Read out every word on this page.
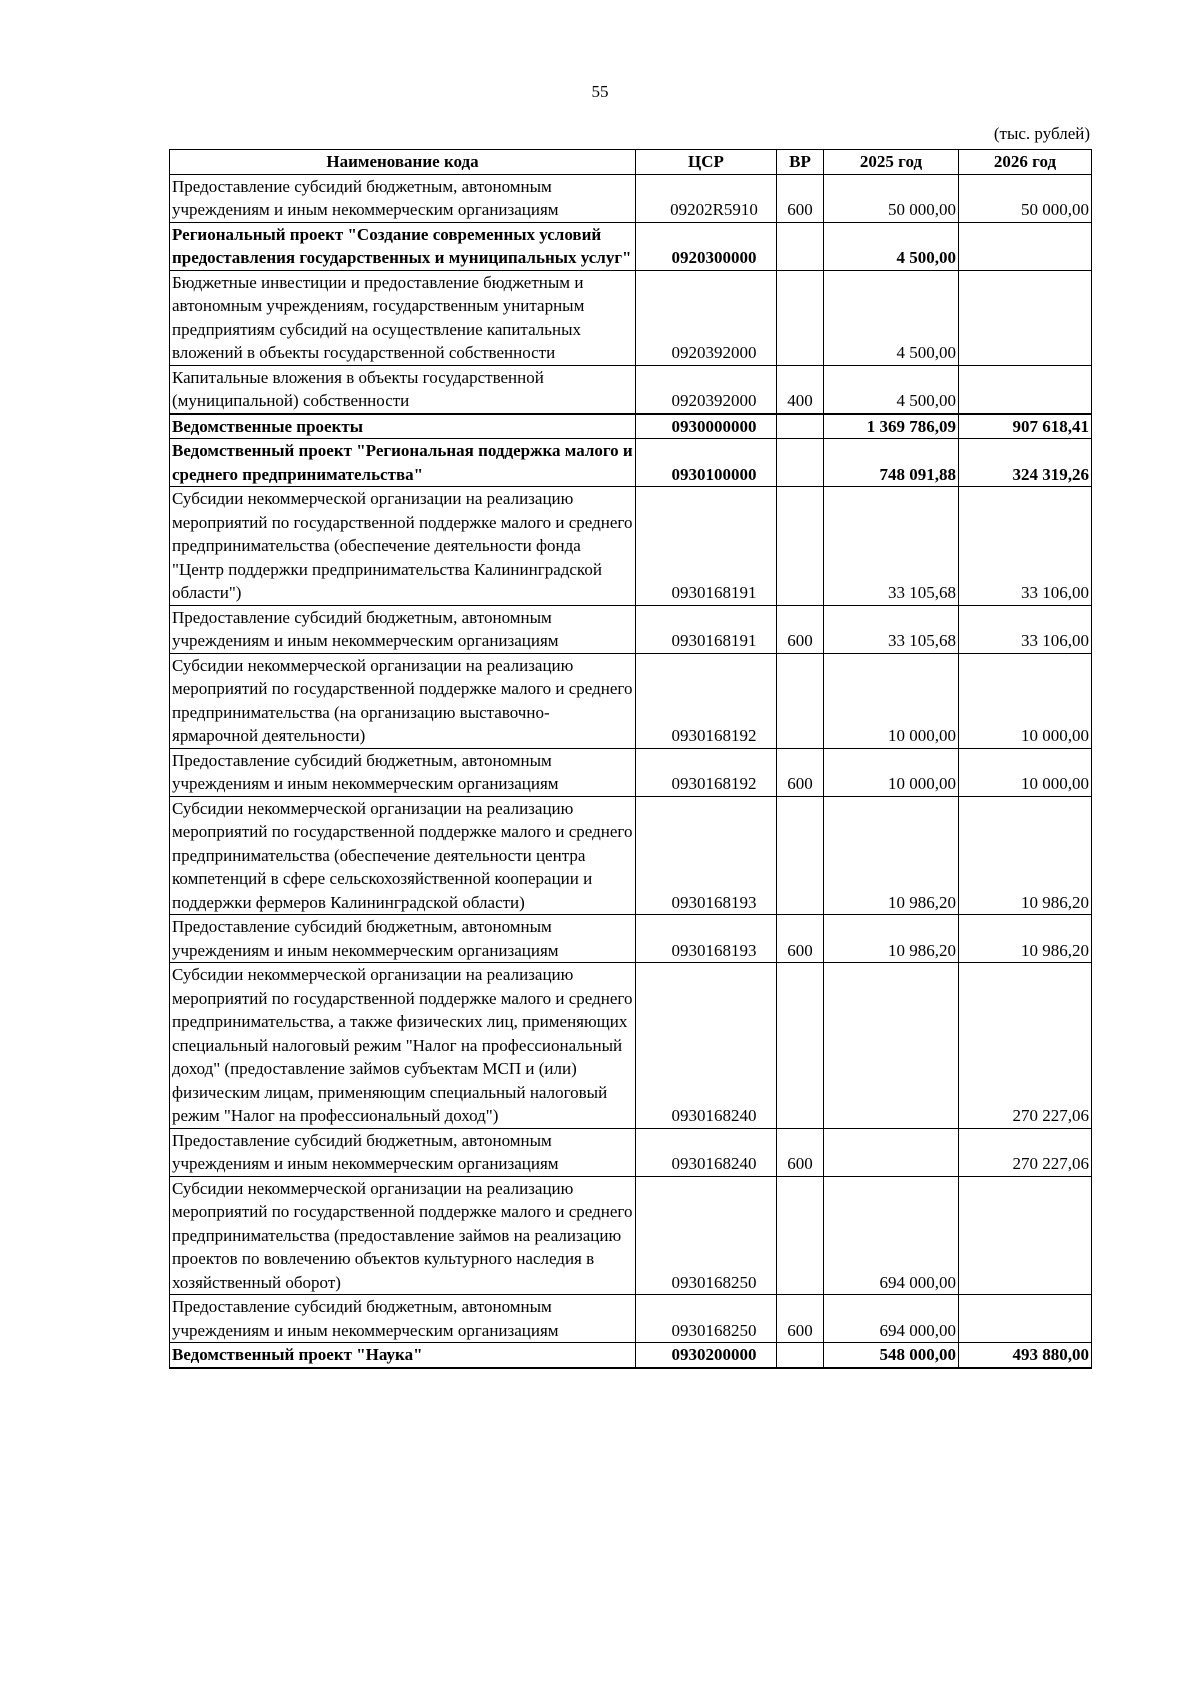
55
(тыс. рублей)
Наименование кода	ЦСР	ВР	2025 год	2026 год
Предоставление субсидий бюджетным, автономным учреждениям и иным некоммерческим организациям	09202R5910	600	50 000,00	50 000,00
Региональный проект "Создание современных условий предоставления государственных и муниципальных услуг"	0920300000		4 500,00	
Бюджетные инвестиции и предоставление бюджетным и автономным учреждениям, государственным унитарным предприятиям субсидий на осуществление капитальных вложений в объекты государственной собственности	0920392000		4 500,00	
Капитальные вложения в объекты государственной (муниципальной) собственности	0920392000	400	4 500,00	
Ведомственные проекты	0930000000		1 369 786,09	907 618,41
Ведомственный проект "Региональная поддержка малого и среднего предпринимательства"	0930100000		748 091,88	324 319,26
Субсидии некоммерческой организации на реализацию мероприятий по государственной поддержке малого и среднего предпринимательства (обеспечение деятельности фонда "Центр поддержки предпринимательства Калининградской области")	0930168191		33 105,68	33 106,00
Предоставление субсидий бюджетным, автономным учреждениям и иным некоммерческим организациям	0930168191	600	33 105,68	33 106,00
Субсидии некоммерческой организации на реализацию мероприятий по государственной поддержке малого и среднего предпринимательства (на организацию выставочно-ярмарочной деятельности)	0930168192		10 000,00	10 000,00
Предоставление субсидий бюджетным, автономным учреждениям и иным некоммерческим организациям	0930168192	600	10 000,00	10 000,00
Субсидии некоммерческой организации на реализацию мероприятий по государственной поддержке малого и среднего предпринимательства (обеспечение деятельности центра компетенций в сфере сельскохозяйственной кооперации и поддержки фермеров Калининградской области)	0930168193		10 986,20	10 986,20
Предоставление субсидий бюджетным, автономным учреждениям и иным некоммерческим организациям	0930168193	600	10 986,20	10 986,20
Субсидии некоммерческой организации на реализацию мероприятий по государственной поддержке малого и среднего предпринимательства, а также физических лиц, применяющих специальный налоговый режим "Налог на профессиональный доход" (предоставление займов субъектам МСП и (или) физическим лицам, применяющим специальный налоговый режим "Налог на профессиональный доход")	0930168240			270 227,06
Предоставление субсидий бюджетным, автономным учреждениям и иным некоммерческим организациям	0930168240	600		270 227,06
Субсидии некоммерческой организации на реализацию мероприятий по государственной поддержке малого и среднего предпринимательства (предоставление займов на реализацию проектов по вовлечению объектов культурного наследия в хозяйственный оборот)	0930168250		694 000,00	
Предоставление субсидий бюджетным, автономным учреждениям и иным некоммерческим организациям	0930168250	600	694 000,00	
Ведомственный проект "Наука"	0930200000		548 000,00	493 880,00
